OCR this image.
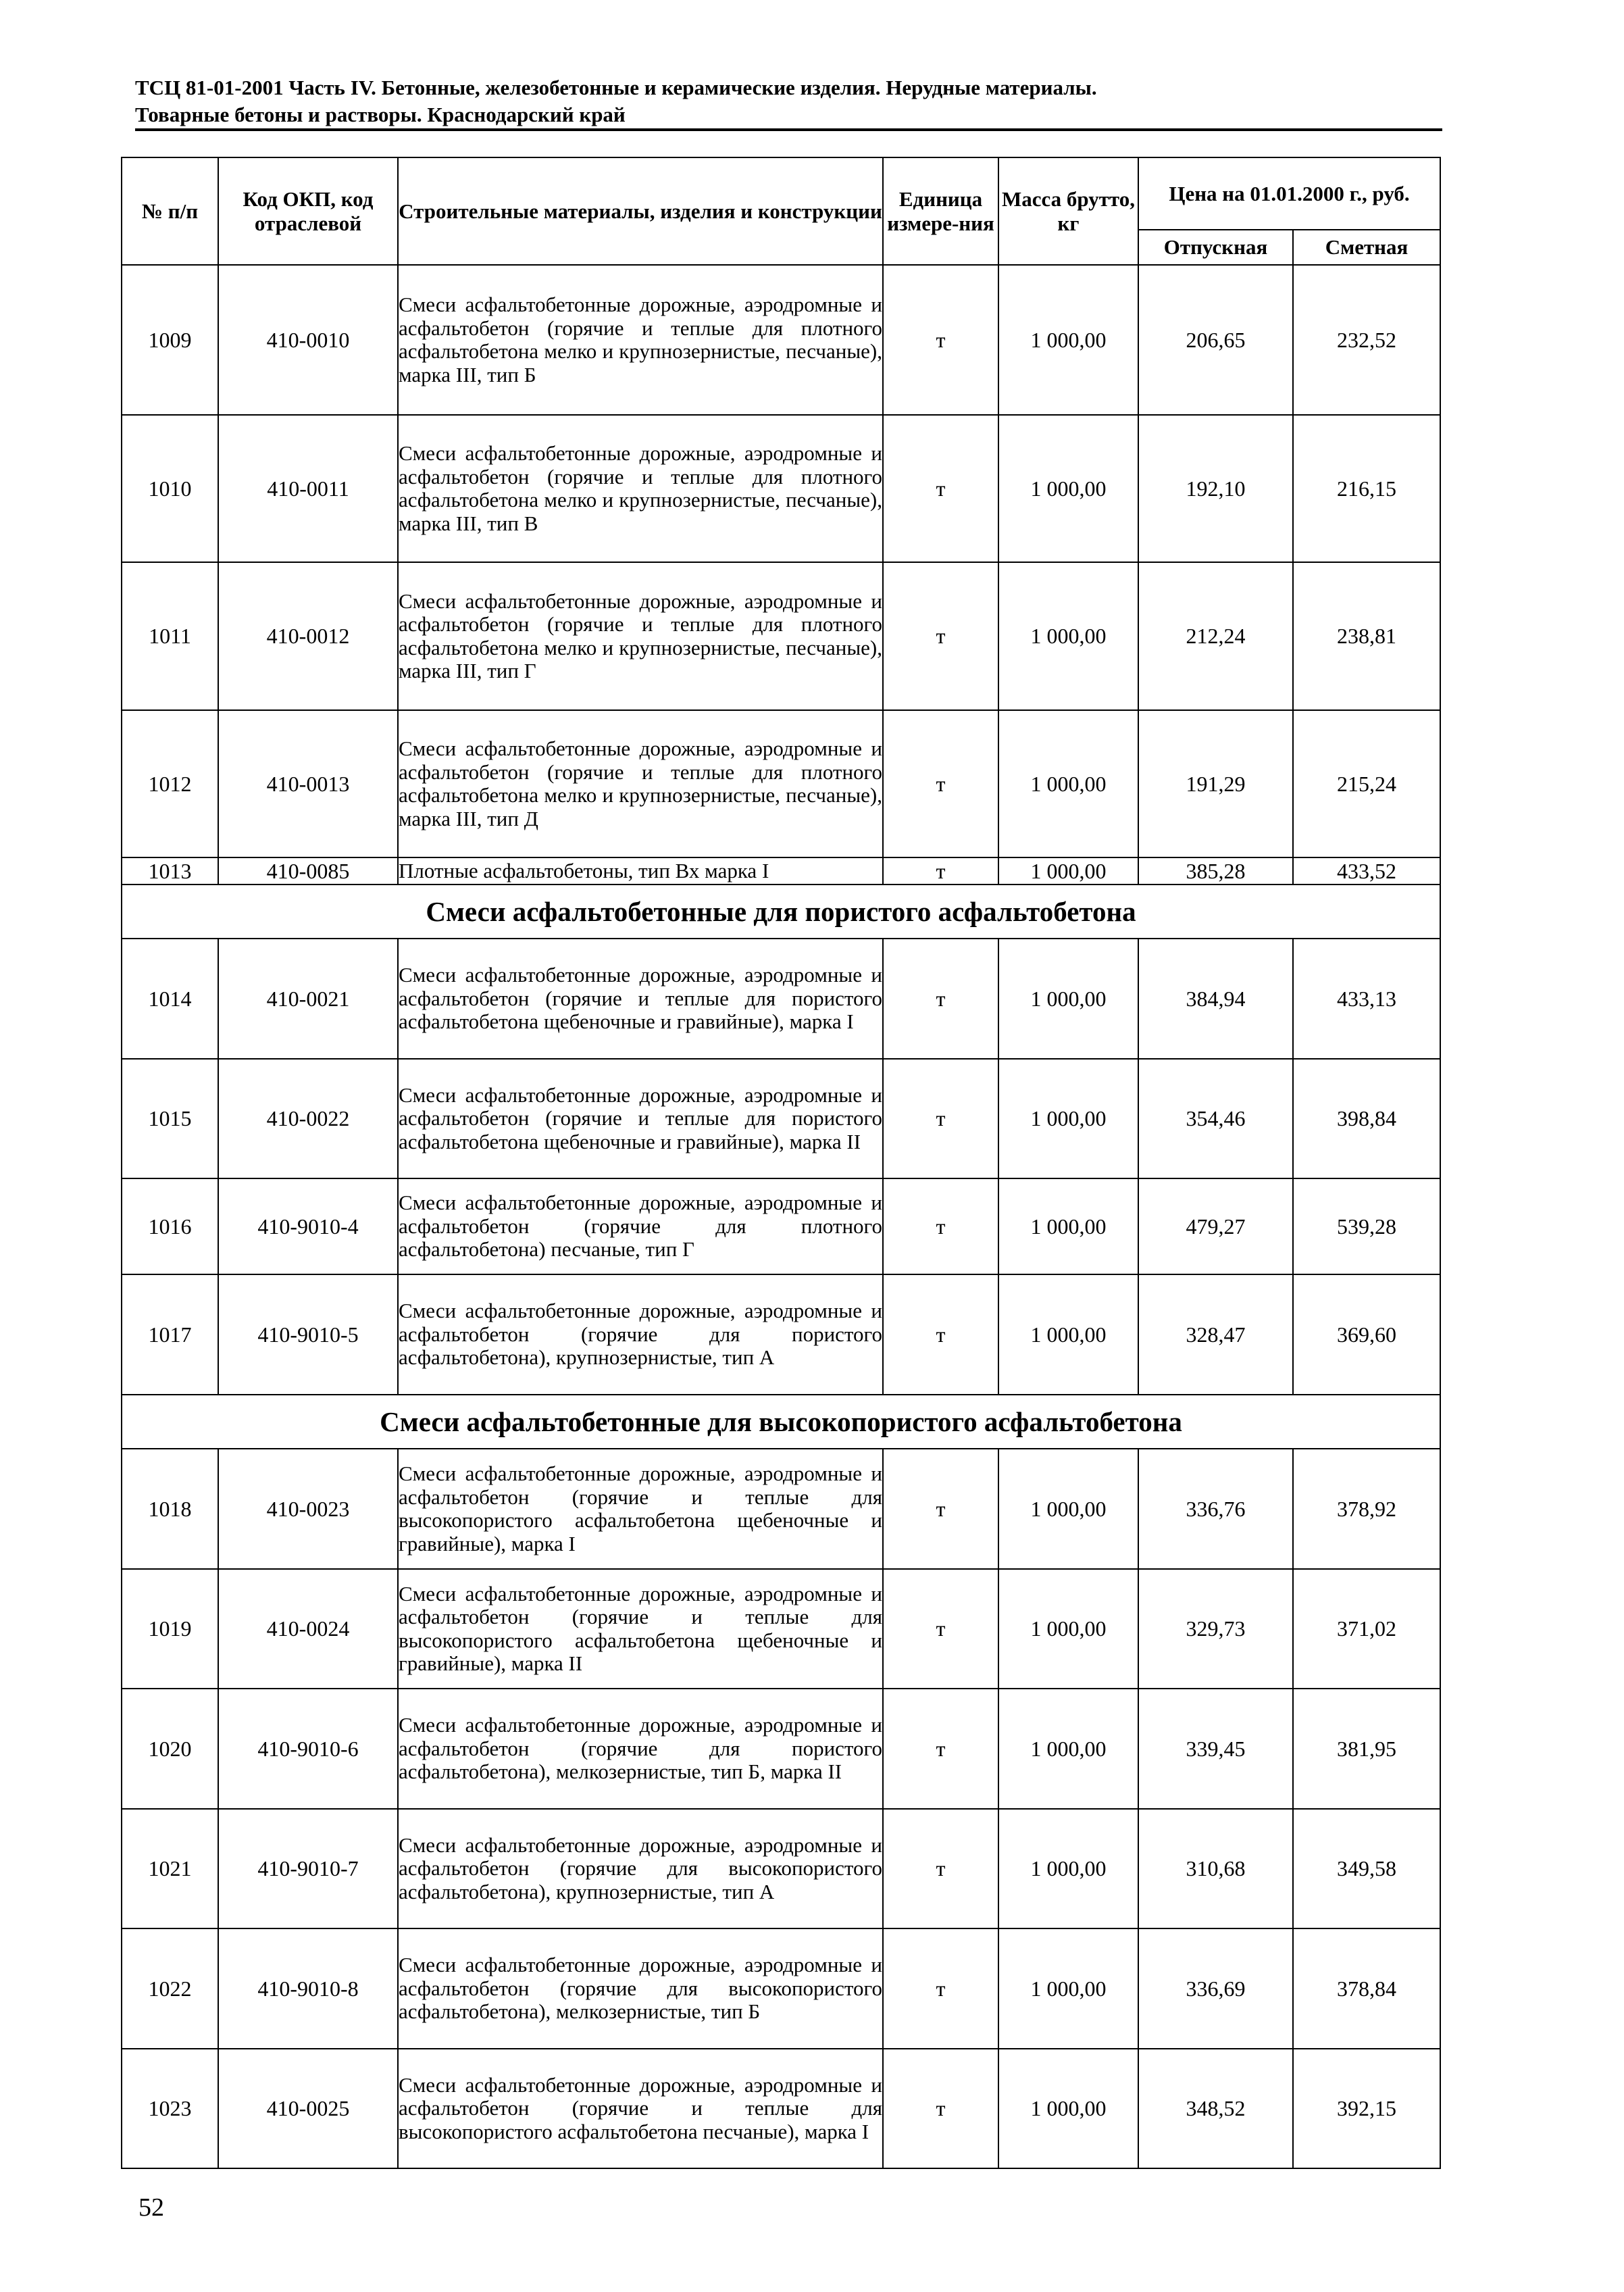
ТСЦ 81-01-2001 Часть IV. Бетонные, железобетонные и керамические изделия. Нерудные материалы.
Товарные бетоны и растворы. Краснодарский край
№ п/п	Код ОКП, код отраслевой	Строительные материалы, изделия и конструкции	Единица измере-ния	Масса брутто, кг	Цена на 01.01.2000 г., руб.	
					Отпускная	Сметная
1009	410-0010	Смеси асфальтобетонные дорожные, аэродромные и асфальтобетон (горячие и теплые для плотного асфальтобетона мелко и крупнозернистые, песчаные), марка III, тип Б	т	1 000,00	206,65	232,52
1010	410-0011	Смеси асфальтобетонные дорожные, аэродромные и асфальтобетон (горячие и теплые для плотного асфальтобетона мелко и крупнозернистые, песчаные), марка III, тип В	т	1 000,00	192,10	216,15
1011	410-0012	Смеси асфальтобетонные дорожные, аэродромные и асфальтобетон (горячие и теплые для плотного асфальтобетона мелко и крупнозернистые, песчаные), марка III, тип Г	т	1 000,00	212,24	238,81
1012	410-0013	Смеси асфальтобетонные дорожные, аэродромные и асфальтобетон (горячие и теплые для плотного асфальтобетона мелко и крупнозернистые, песчаные), марка III, тип Д	т	1 000,00	191,29	215,24
1013	410-0085	Плотные асфальтобетоны, тип Вх марка I	т	1 000,00	385,28	433,52
Смеси асфальтобетонные для пористого асфальтобетона						
1014	410-0021	Смеси асфальтобетонные дорожные, аэродромные и асфальтобетон (горячие и теплые для пористого асфальтобетона щебеночные и гравийные), марка I	т	1 000,00	384,94	433,13
1015	410-0022	Смеси асфальтобетонные дорожные, аэродромные и асфальтобетон (горячие и теплые для пористого асфальтобетона щебеночные и гравийные), марка II	т	1 000,00	354,46	398,84
1016	410-9010-4	Смеси асфальтобетонные дорожные, аэродромные и асфальтобетон (горячие для плотного асфальтобетона) песчаные, тип Г	т	1 000,00	479,27	539,28
1017	410-9010-5	Смеси асфальтобетонные дорожные, аэродромные и асфальтобетон (горячие для пористого асфальтобетона), крупнозернистые, тип А	т	1 000,00	328,47	369,60
Смеси асфальтобетонные для высокопористого асфальтобетона						
1018	410-0023	Смеси асфальтобетонные дорожные, аэродромные и асфальтобетон (горячие и теплые для высокопористого асфальтобетона щебеночные и гравийные), марка I	т	1 000,00	336,76	378,92
1019	410-0024	Смеси асфальтобетонные дорожные, аэродромные и асфальтобетон (горячие и теплые для высокопористого асфальтобетона щебеночные и гравийные), марка II	т	1 000,00	329,73	371,02
1020	410-9010-6	Смеси асфальтобетонные дорожные, аэродромные и асфальтобетон (горячие для пористого асфальтобетона), мелкозернистые, тип Б, марка II	т	1 000,00	339,45	381,95
1021	410-9010-7	Смеси асфальтобетонные дорожные, аэродромные и асфальтобетон (горячие для высокопористого асфальтобетона), крупнозернистые, тип А	т	1 000,00	310,68	349,58
1022	410-9010-8	Смеси асфальтобетонные дорожные, аэродромные и асфальтобетон (горячие для высокопористого асфальтобетона), мелкозернистые, тип Б	т	1 000,00	336,69	378,84
1023	410-0025	Смеси асфальтобетонные дорожные, аэродромные и асфальтобетон (горячие и теплые для высокопористого асфальтобетона песчаные), марка I	т	1 000,00	348,52	392,15
52
